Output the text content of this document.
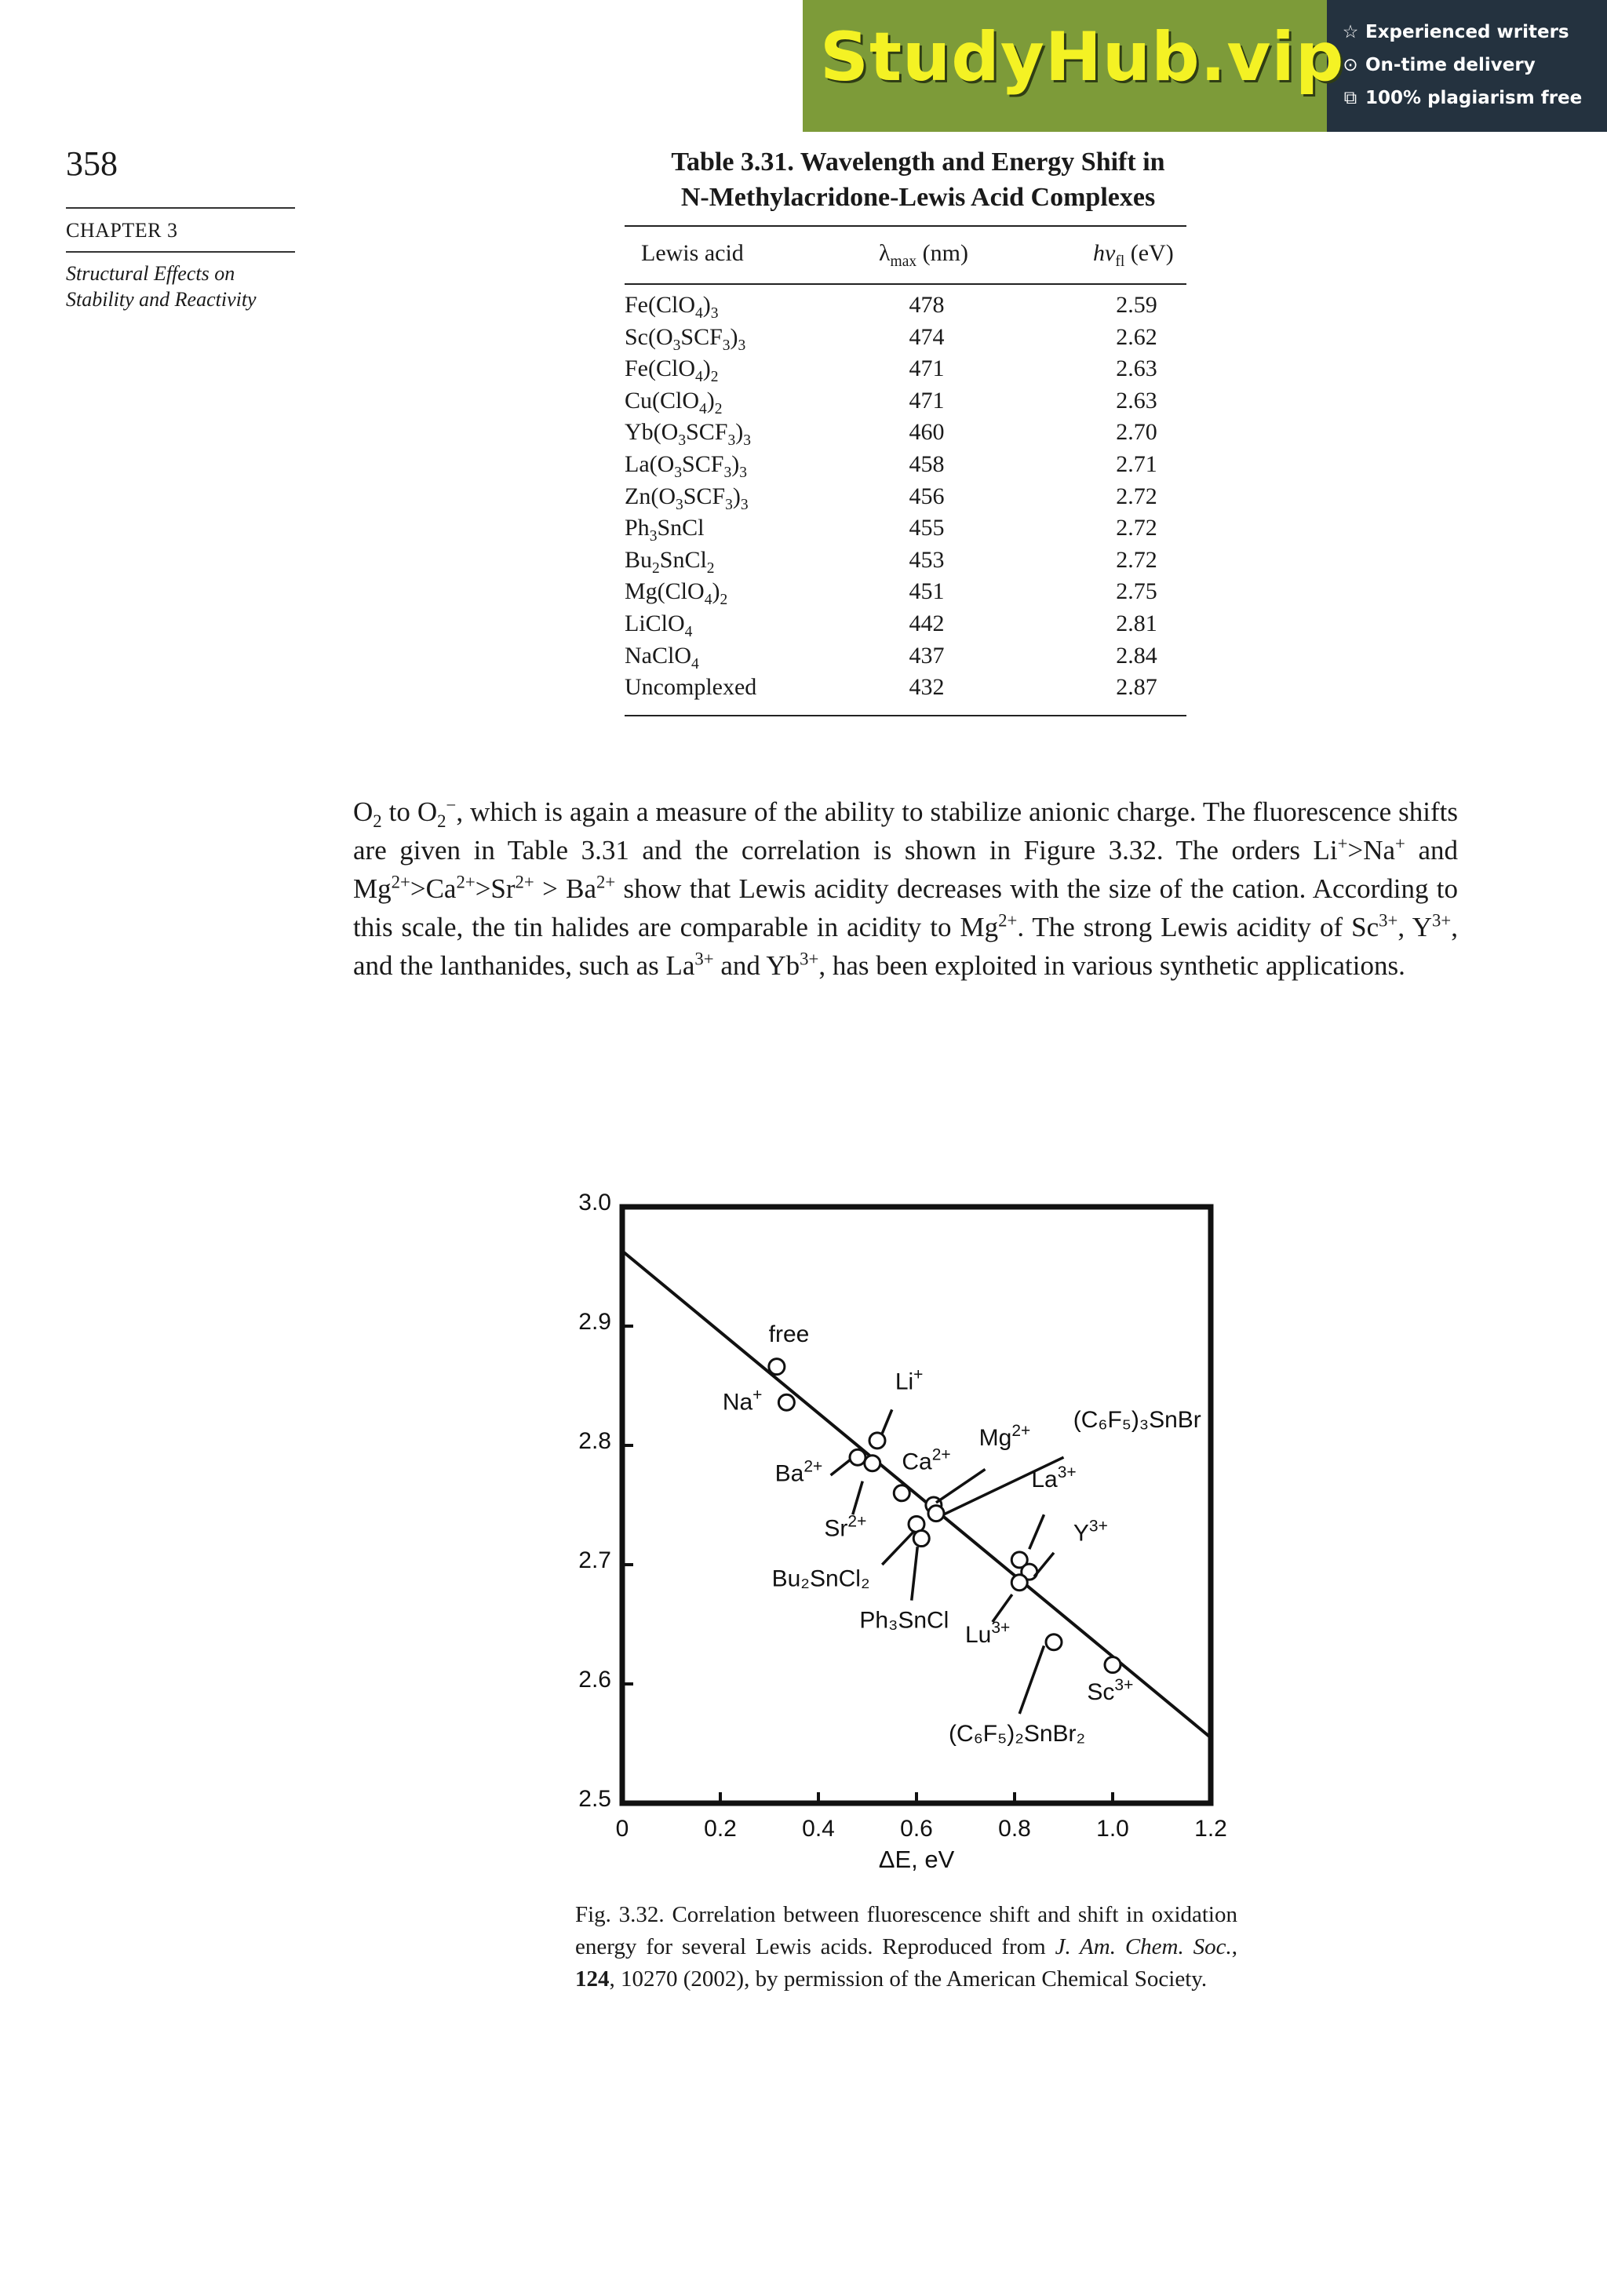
StudyHub.vip
☆ Experienced writers
⊙ On-time delivery
⧉ 100% plagiarism free
358
CHAPTER 3
Structural Effects on Stability and Reactivity
Table 3.31. Wavelength and Energy Shift in
N-Methylacridone-Lewis Acid Complexes
Lewis acid	$\lambda_{max}$ (nm)	$h\nu_{fl}$ (eV)
$Fe(ClO_4)_3$	478	2.59
$Sc(O_3SCF_3)_3$	474	2.62
$Fe(ClO_4)_2$	471	2.63
$Cu(ClO_4)_2$	471	2.63
$Yb(O_3SCF_3)_3$	460	2.70
$La(O_3SCF_3)_3$	458	2.71
$Zn(O_3SCF_3)_3$	456	2.72
$Ph_3SnCl$	455	2.72
$Bu_2SnCl_2$	453	2.72
$Mg(ClO_4)_2$	451	2.75
LiClO$_4$	442	2.81
NaClO$_4$	437	2.84
Uncomplexed	432	2.87
$O_2$ to $O_2^-$, which is again a measure of the ability to stabilize anionic charge. The fluorescence shifts are given in Table 3.31 and the correlation is shown in Figure 3.32. The orders Li+>Na+ and $Mg^{2+}>Ca^{2+}>Sr^{2+} > Ba^{2+}$ show that Lewis acidity decreases with the size of the cation. According to this scale, the tin halides are comparable in acidity to $Mg^{2+}$. The strong Lewis acidity of $Sc^{3+}$, $Y^{3+}$, and the lanthanides, such as $La^{3+}$ and $Yb^{3+}$, has been exploited in various synthetic applications.
0	0.2	0.4	0.6	0.8	1.0	1.2
2.5
2.6
2.7
2.8
2.9
3.0
ΔE, eV
free
Na+
Li+
$Mg^{2+}$ (C₆F₅)₃SnBr
$Ca^{2+}$
$Ba^{2+}$
$La^{3+}$
$Sr^{2+}$	$Y^{3+}$
Bu₂SnCl₂
Ph₃SnCl
$Lu^{3+}$
$Sc^{3+}$
(C₆F₅)₂SnBr₂
Fig. 3.32. Correlation between fluorescence shift and shift in oxidation energy for several Lewis acids. Reproduced from J. Am. Chem. Soc., 124, 10270 (2002), by permission of the American Chemical Society.
